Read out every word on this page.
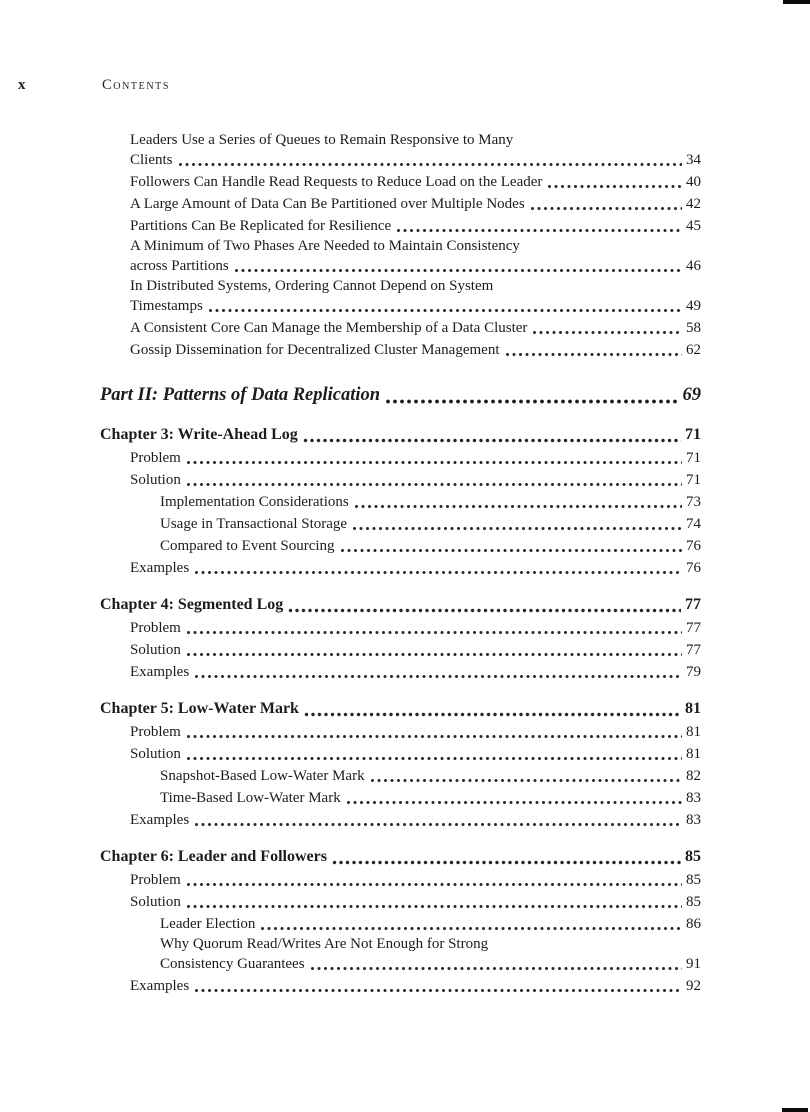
x	Contents
Leaders Use a Series of Queues to Remain Responsive to Many
Clients	34
Followers Can Handle Read Requests to Reduce Load on the Leader	40
A Large Amount of Data Can Be Partitioned over Multiple Nodes	42
Partitions Can Be Replicated for Resilience	45
A Minimum of Two Phases Are Needed to Maintain Consistency
across Partitions	46
In Distributed Systems, Ordering Cannot Depend on System
Timestamps	49
A Consistent Core Can Manage the Membership of a Data Cluster	58
Gossip Dissemination for Decentralized Cluster Management	62
Part II: Patterns of Data Replication	69
Chapter 3: Write-Ahead Log	71
Problem	71
Solution	71
Implementation Considerations	73
Usage in Transactional Storage	74
Compared to Event Sourcing	76
Examples	76
Chapter 4: Segmented Log	77
Problem	77
Solution	77
Examples	79
Chapter 5: Low-Water Mark	81
Problem	81
Solution	81
Snapshot-Based Low-Water Mark	82
Time-Based Low-Water Mark	83
Examples	83
Chapter 6: Leader and Followers	85
Problem	85
Solution	85
Leader Election	86
Why Quorum Read/Writes Are Not Enough for Strong
Consistency Guarantees	91
Examples	92
